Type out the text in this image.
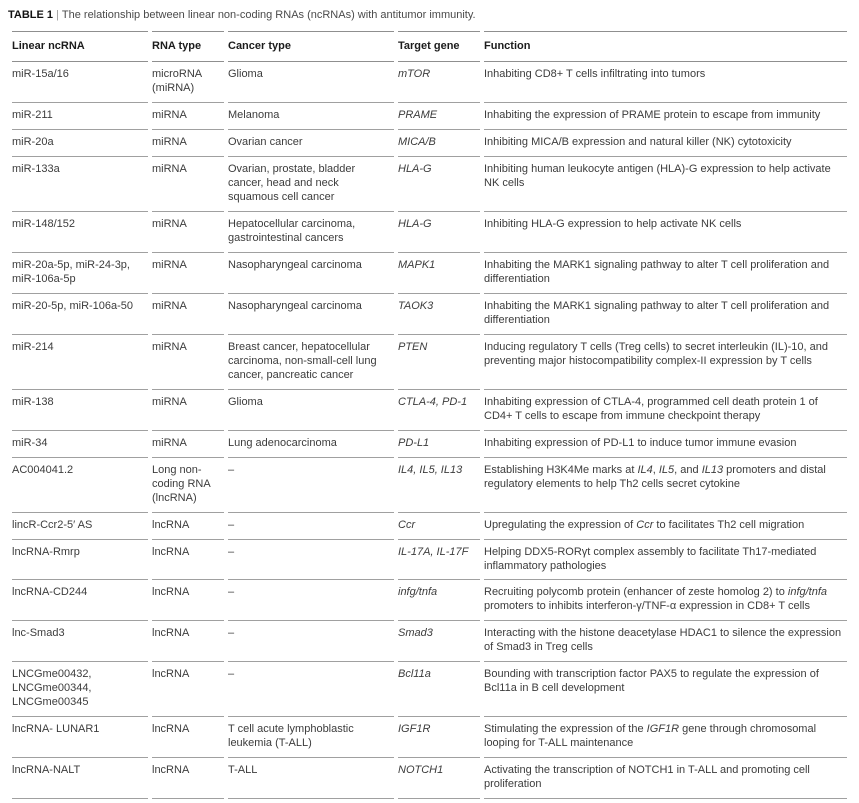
TABLE 1 | The relationship between linear non-coding RNAs (ncRNAs) with antitumor immunity.
Linear ncRNA	RNA type	Cancer type	Target gene	Function
miR-15a/16	microRNA (miRNA)	Glioma	mTOR	Inhabiting CD8+ T cells infiltrating into tumors
miR-211	miRNA	Melanoma	PRAME	Inhabiting the expression of PRAME protein to escape from immunity
miR-20a	miRNA	Ovarian cancer	MICA/B	Inhibiting MICA/B expression and natural killer (NK) cytotoxicity
miR-133a	miRNA	Ovarian, prostate, bladder cancer, head and neck squamous cell cancer	HLA-G	Inhibiting human leukocyte antigen (HLA)-G expression to help activate NK cells
miR-148/152	miRNA	Hepatocellular carcinoma, gastrointestinal cancers	HLA-G	Inhibiting HLA-G expression to help activate NK cells
miR-20a-5p, miR-24-3p, miR-106a-5p	miRNA	Nasopharyngeal carcinoma	MAPK1	Inhabiting the MARK1 signaling pathway to alter T cell proliferation and differentiation
miR-20-5p, miR-106a-50	miRNA	Nasopharyngeal carcinoma	TAOK3	Inhabiting the MARK1 signaling pathway to alter T cell proliferation and differentiation
miR-214	miRNA	Breast cancer, hepatocellular carcinoma, non-small-cell lung cancer, pancreatic cancer	PTEN	Inducing regulatory T cells (Treg cells) to secret interleukin (IL)-10, and preventing major histocompatibility complex-II expression by T cells
miR-138	miRNA	Glioma	CTLA-4, PD-1	Inhabiting expression of CTLA-4, programmed cell death protein 1 of CD4+ T cells to escape from immune checkpoint therapy
miR-34	miRNA	Lung adenocarcinoma	PD-L1	Inhabiting expression of PD-L1 to induce tumor immune evasion
AC004041.2	Long non-coding RNA (lncRNA)	–	IL4, IL5, IL13	Establishing H3K4Me marks at IL4, IL5, and IL13 promoters and distal regulatory elements to help Th2 cells secret cytokine
lincR-Ccr2-5′ AS	lncRNA	–	Ccr	Upregulating the expression of Ccr to facilitates Th2 cell migration
lncRNA-Rmrp	lncRNA	–	IL-17A, IL-17F	Helping DDX5-RORγt complex assembly to facilitate Th17-mediated inflammatory pathologies
lncRNA-CD244	lncRNA	–	infg/tnfa	Recruiting polycomb protein (enhancer of zeste homolog 2) to infg/tnfa promoters to inhibits interferon-γ/TNF-α expression in CD8+ T cells
lnc-Smad3	lncRNA	–	Smad3	Interacting with the histone deacetylase HDAC1 to silence the expression of Smad3 in Treg cells
LNCGme00432, LNCGme00344, LNCGme00345	lncRNA	–	Bcl11a	Bounding with transcription factor PAX5 to regulate the expression of Bcl11a in B cell development
lncRNA- LUNAR1	lncRNA	T cell acute lymphoblastic leukemia (T-ALL)	IGF1R	Stimulating the expression of the IGF1R gene through chromosomal looping for T-ALL maintenance
lncRNA-NALT	lncRNA	T-ALL	NOTCH1	Activating the transcription of NOTCH1 in T-ALL and promoting cell proliferation
